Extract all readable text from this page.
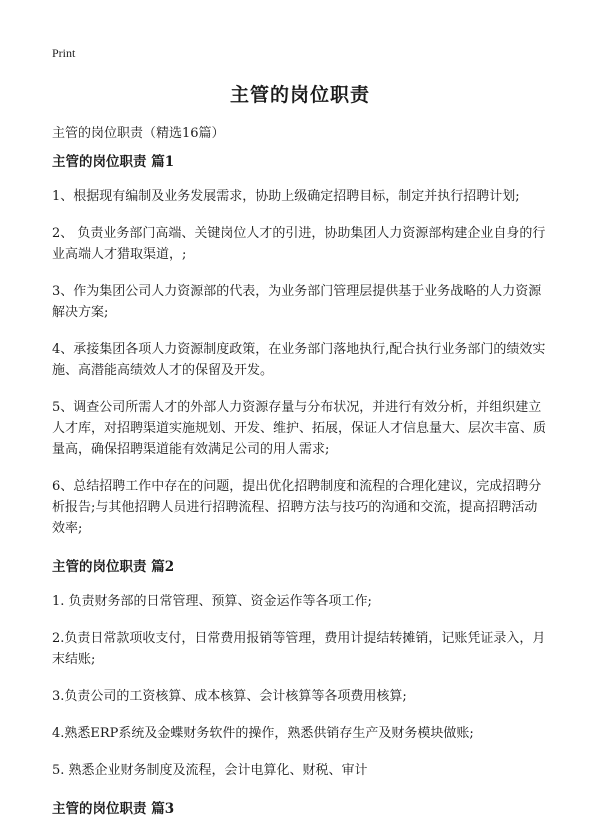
Print
主管的岗位职责
主管的岗位职责（精选16篇）
主管的岗位职责 篇1

1、根据现有编制及业务发展需求，协助上级确定招聘目标，制定并执行招聘计划;

2、 负责业务部门高端、关键岗位人才的引进，协助集团人力资源部构建企业自身的行业高端人才猎取渠道，;

3、作为集团公司人力资源部的代表，为业务部门管理层提供基于业务战略的人力资源解决方案;

4、承接集团各项人力资源制度政策，在业务部门落地执行,配合执行业务部门的绩效实施、高潜能高绩效人才的保留及开发。

5、调查公司所需人才的外部人力资源存量与分布状况，并进行有效分析，并组织建立人才库，对招聘渠道实施规划、开发、维护、拓展，保证人才信息量大、层次丰富、质量高，确保招聘渠道能有效满足公司的用人需求;

6、总结招聘工作中存在的问题，提出优化招聘制度和流程的合理化建议，完成招聘分析报告;与其他招聘人员进行招聘流程、招聘方法与技巧的沟通和交流，提高招聘活动效率;

主管的岗位职责 篇2

1. 负责财务部的日常管理、预算、资金运作等各项工作;

2.负责日常款项收支付，日常费用报销等管理，费用计提结转摊销，记账凭证录入，月末结账;

3.负责公司的工资核算、成本核算、会计核算等各项费用核算;

4.熟悉ERP系统及金蝶财务软件的操作，熟悉供销存生产及财务模块做账;

5. 熟悉企业财务制度及流程，会计电算化、财税、审计

主管的岗位职责 篇3
